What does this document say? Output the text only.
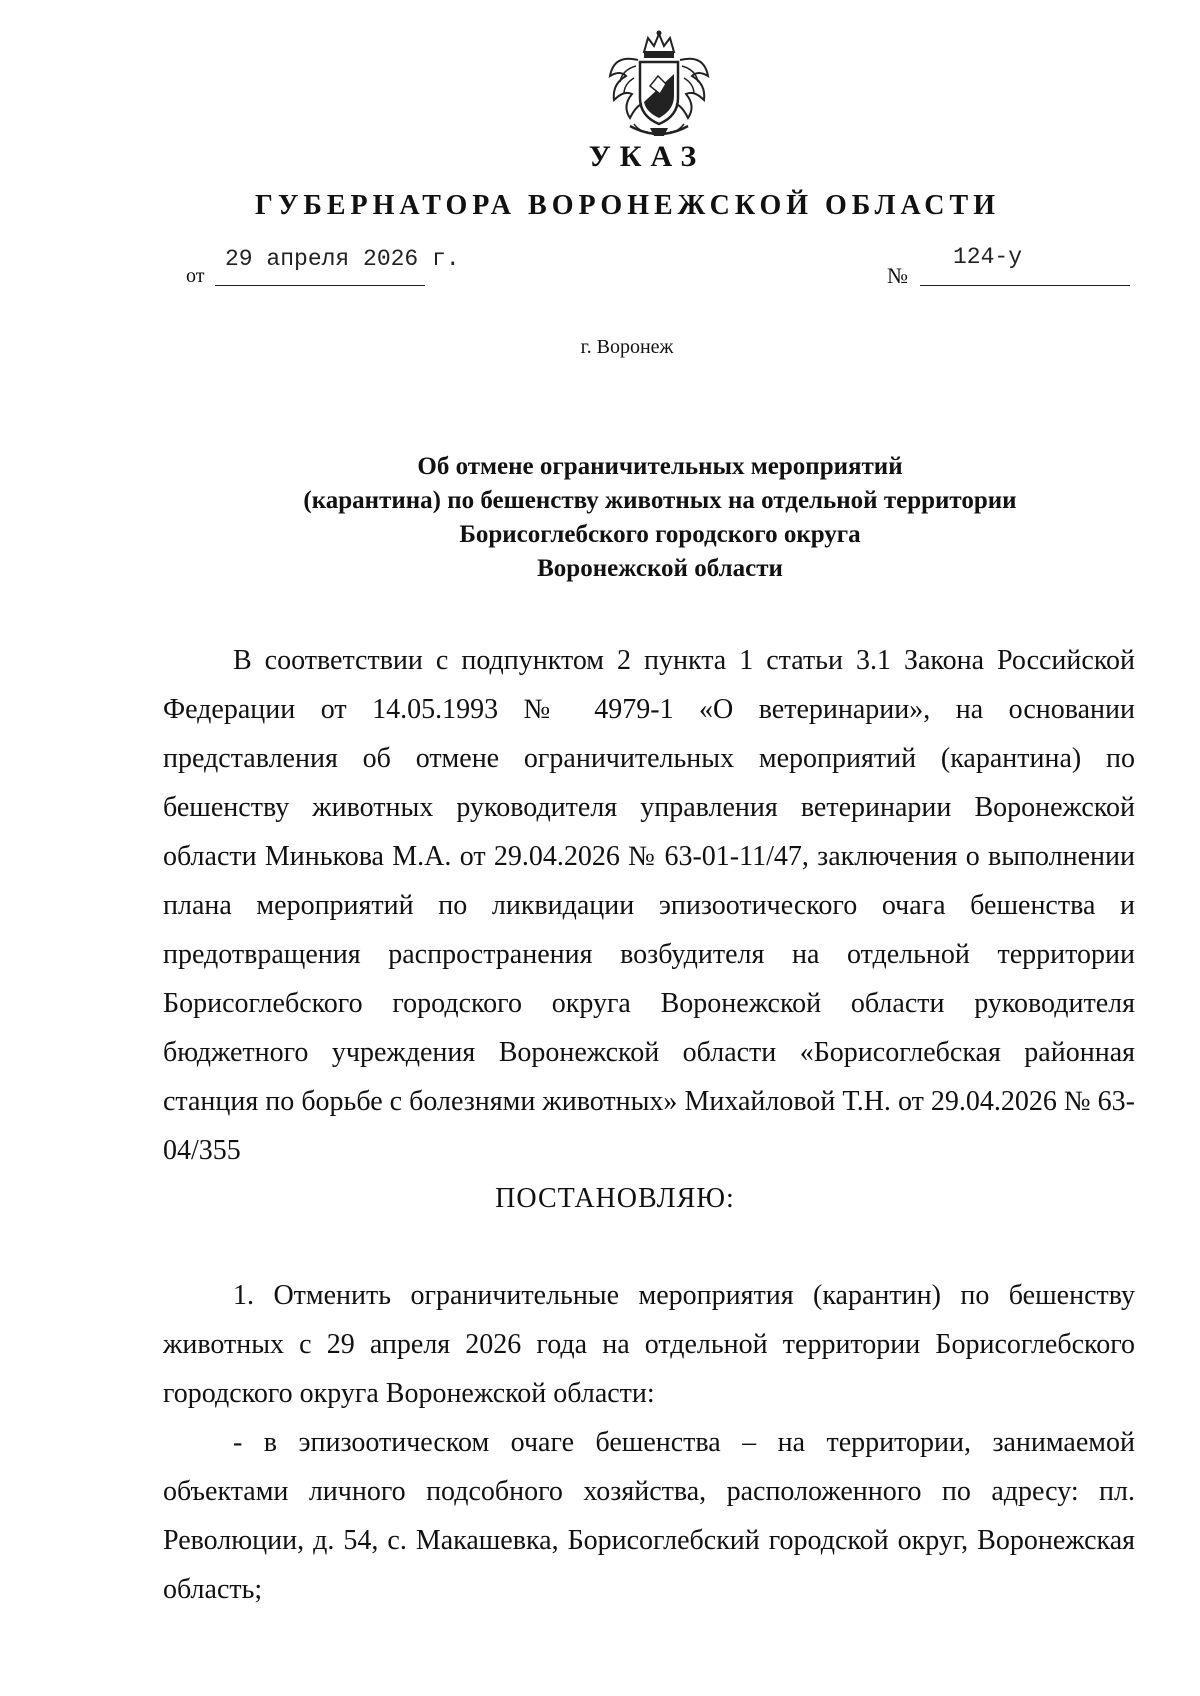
УКАЗ
ГУБЕРНАТОРА ВОРОНЕЖСКОЙ ОБЛАСТИ
от
29 апреля 2026 г.
№
124-у
г. Воронеж
Об отмене ограничительных мероприятий
(карантина) по бешенству животных на отдельной территории
Борисоглебского городского округа
Воронежской области

В соответствии с подпунктом 2 пункта 1 статьи 3.1 Закона Российской Федерации от 14.05.1993 № 4979-1 «О ветеринарии», на основании представления об отмене ограничительных мероприятий (карантина) по бешенству животных руководителя управления ветеринарии Воронежской области Минькова М.А. от 29.04.2026 № 63-01-11/47, заключения о выполнении плана мероприятий по ликвидации эпизоотического очага бешенства и предотвращения распространения возбудителя на отдельной территории Борисоглебского городского округа Воронежской области руководителя бюджетного учреждения Воронежской области «Борисоглебская районная станция по борьбе с болезнями животных» Михайловой Т.Н. от 29.04.2026 № 63-04/355

ПОСТАНОВЛЯЮ:

1. Отменить ограничительные мероприятия (карантин) по бешенству животных с 29 апреля 2026 года на отдельной территории Борисоглебского городского округа Воронежской области:

- в эпизоотическом очаге бешенства – на территории, занимаемой объектами личного подсобного хозяйства, расположенного по адресу: пл. Революции, д. 54, с. Макашевка, Борисоглебский городской округ, Воронежская область;
